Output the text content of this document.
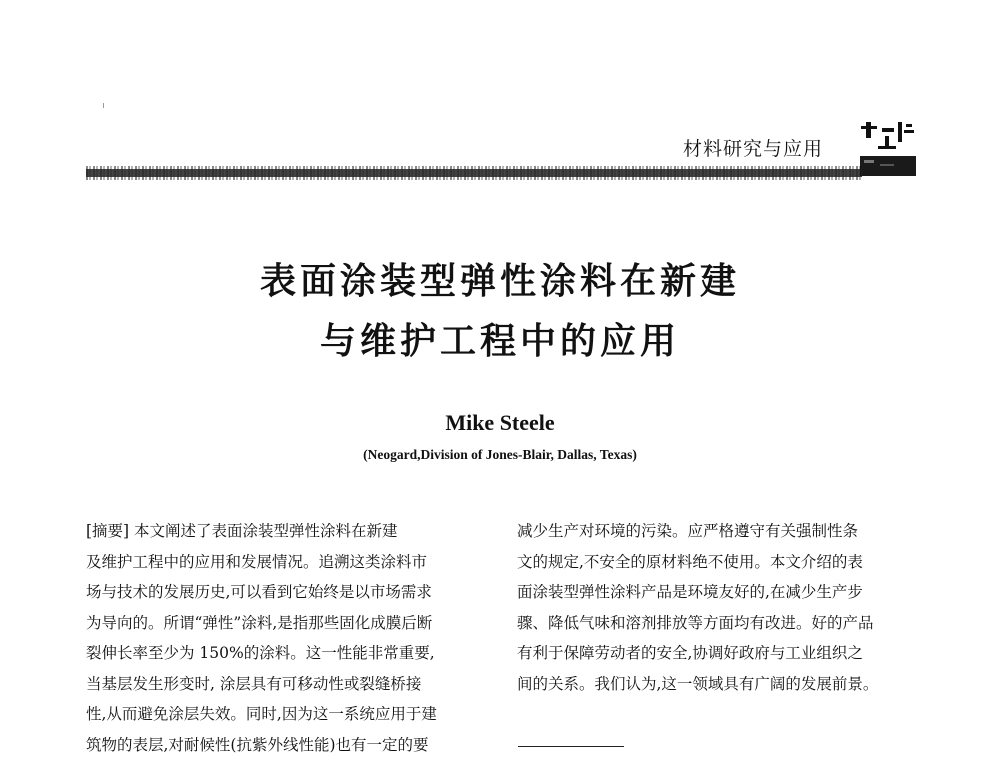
材料研究与应用
表面涂装型弹性涂料在新建
与维护工程中的应用
Mike Steele
(Neogard,Division of Jones-Blair, Dallas, Texas)
[摘要] 本文阐述了表面涂装型弹性涂料在新建
及维护工程中的应用和发展情况。追溯这类涂料市
场与技术的发展历史,可以看到它始终是以市场需求
为导向的。所谓“弹性”涂料,是指那些固化成膜后断
裂伸长率至少为 150%的涂料。这一性能非常重要,
当基层发生形变时, 涂层具有可移动性或裂缝桥接
性,从而避免涂层失效。同时,因为这一系统应用于建
筑物的表层,对耐候性(抗紫外线性能)也有一定的要
减少生产对环境的污染。应严格遵守有关强制性条
文的规定,不安全的原材料绝不使用。本文介绍的表
面涂装型弹性涂料产品是环境友好的,在减少生产步
骤、降低气味和溶剂排放等方面均有改进。好的产品
有利于保障劳动者的安全,协调好政府与工业组织之
间的关系。我们认为,这一领域具有广阔的发展前景。
